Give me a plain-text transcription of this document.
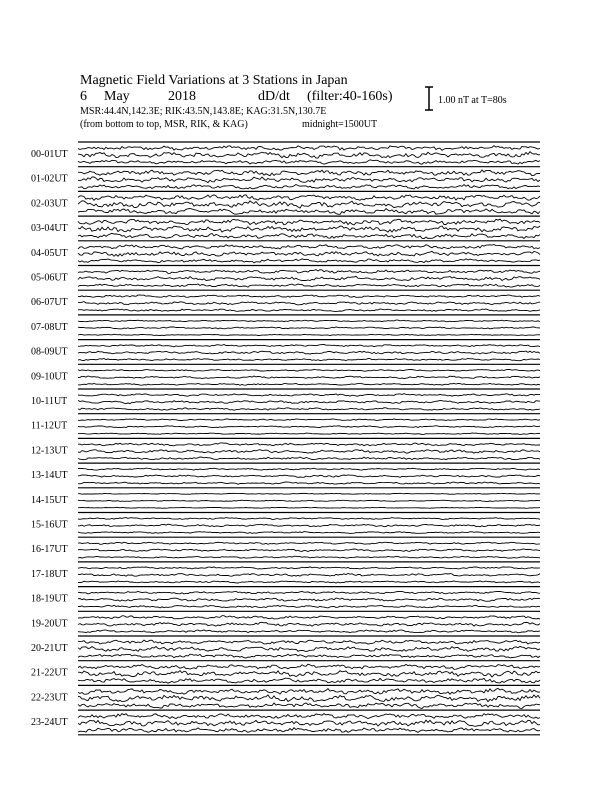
Magnetic Field Variations at 3 Stations in Japan
6 May	2018	dD/dt (filter:40-160s)
MSR:44.4N,142.3E; RIK:43.5N,143.8E; KAG:31.5N,130.7E
(from bottom to top, MSR, RIK, & KAG)	midnight=1500UT
1.00 nT at T=80s
00-01UT
01-02UT
02-03UT
03-04UT
04-05UT
05-06UT
06-07UT
07-08UT
08-09UT
09-10UT
10-11UT
11-12UT
12-13UT
13-14UT
14-15UT
15-16UT
16-17UT
17-18UT
18-19UT
19-20UT
20-21UT
21-22UT
22-23UT
23-24UT
